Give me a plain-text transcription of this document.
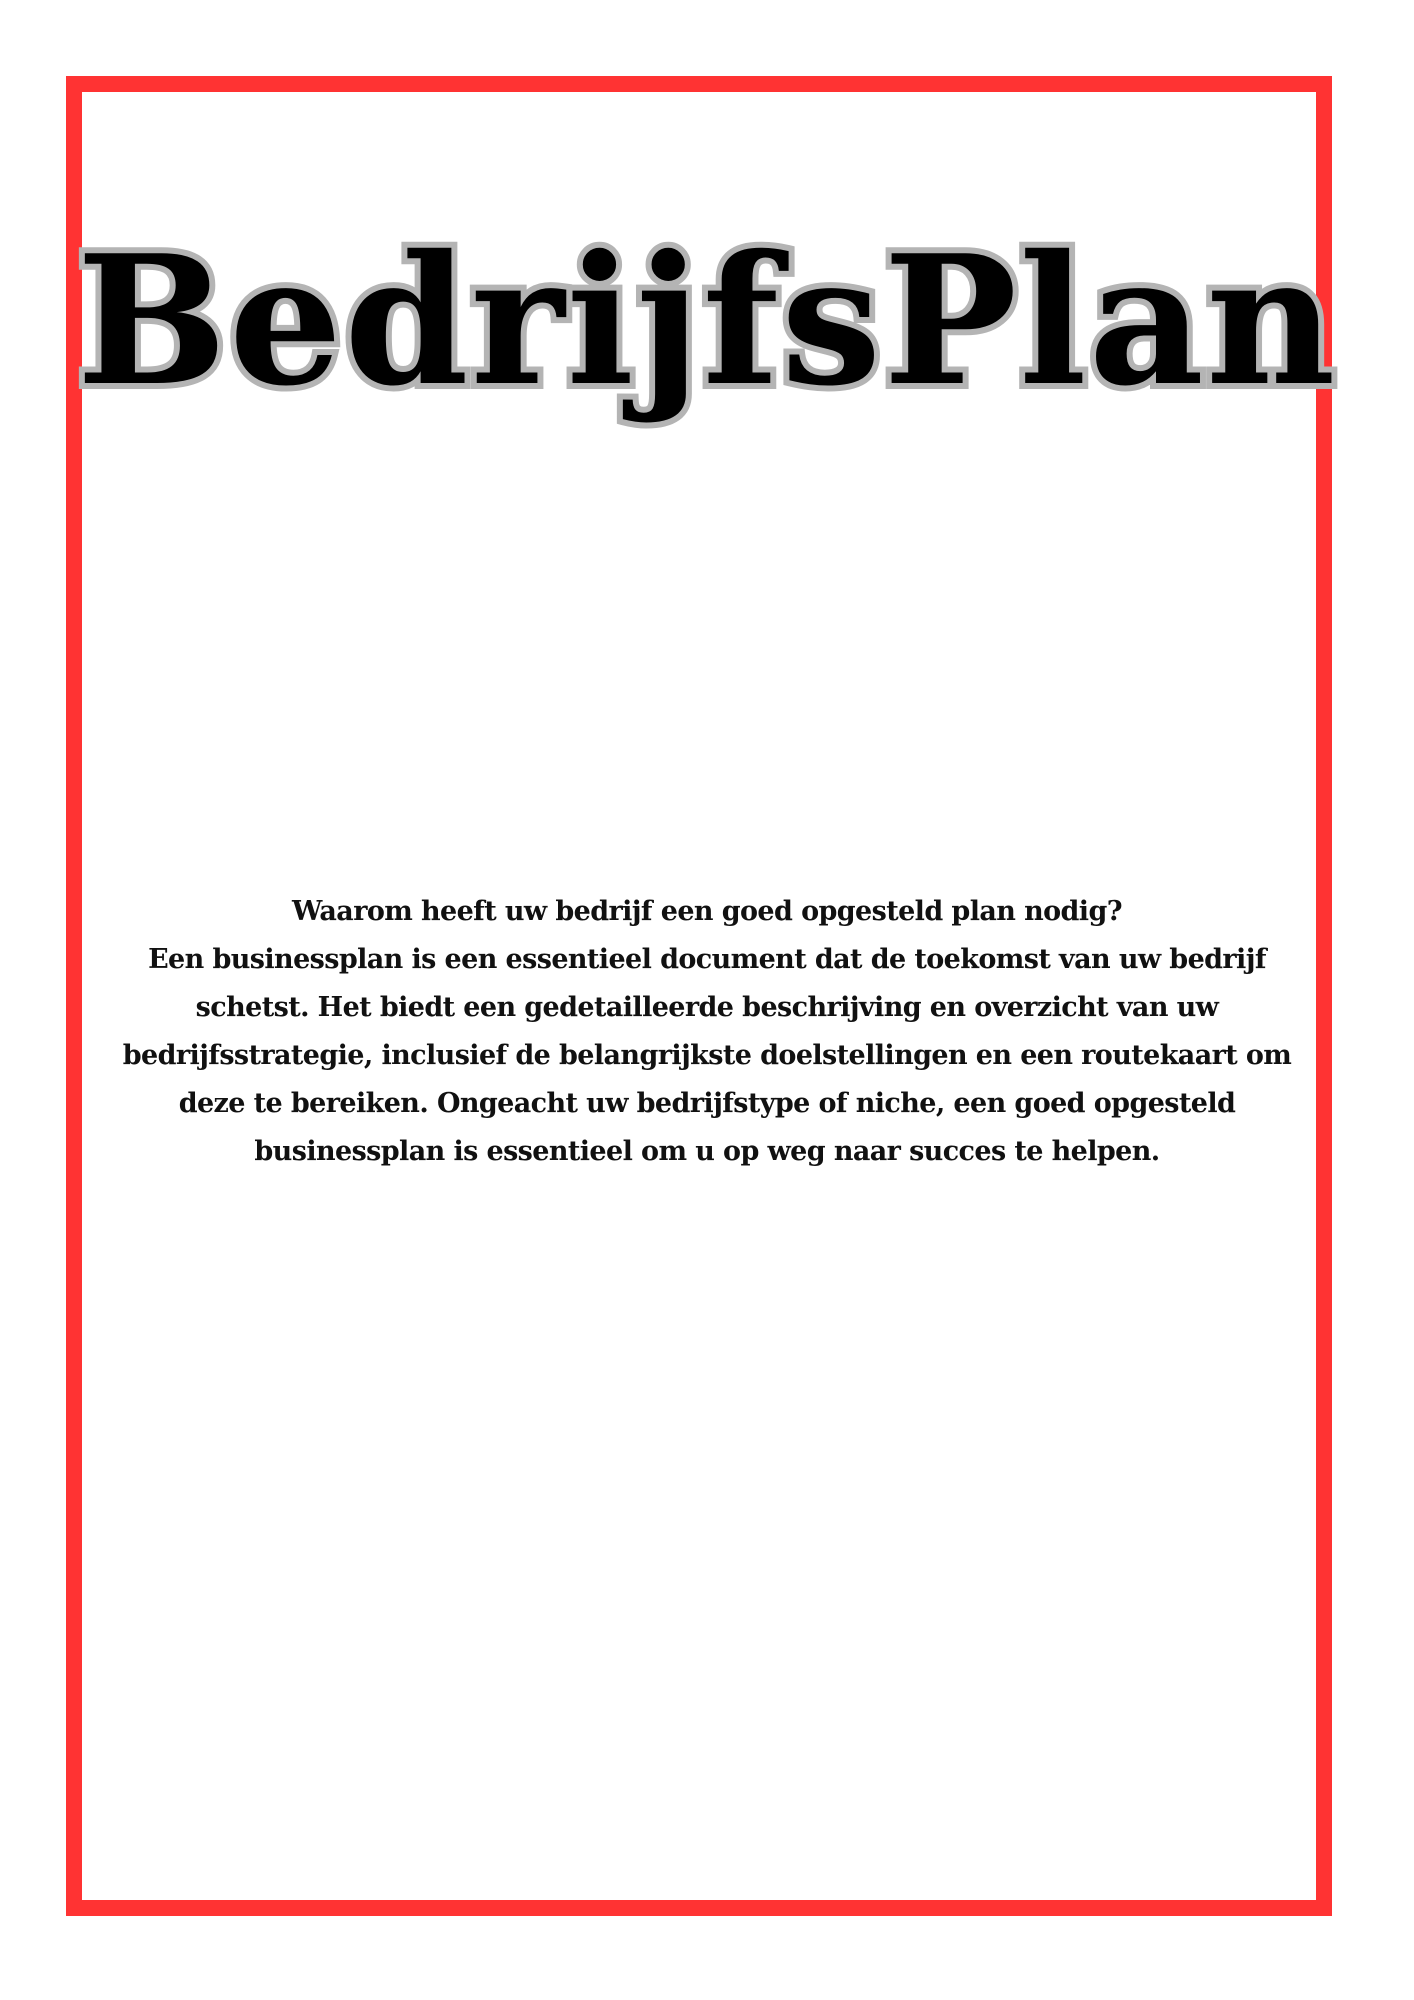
BedrijfsPlan

Waarom heeft uw bedrijf een goed opgesteld plan nodig?
Een businessplan is een essentieel document dat de toekomst van uw bedrijf schetst. Het biedt een gedetailleerde beschrijving en overzicht van uw bedrijfsstrategie, inclusief de belangrijkste doelstellingen en een routekaart om deze te bereiken. Ongeacht uw bedrijfstype of niche, een goed opgesteld businessplan is essentieel om u op weg naar succes te helpen.
